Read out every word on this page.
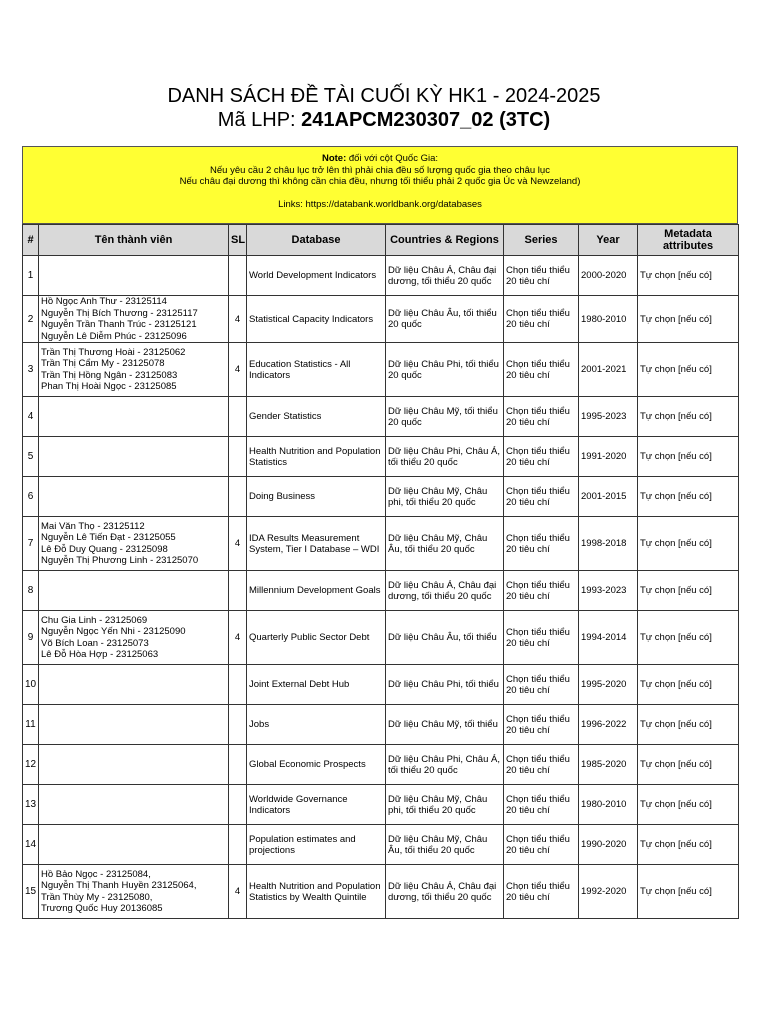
DANH SÁCH ĐỀ TÀI CUỐI KỲ HK1 - 2024-2025
Mã LHP: 241APCM230307_02 (3TC)
Note: đối với cột Quốc Gia:
Nếu yêu cầu 2 châu lục trở lên thì phải chia đều số lượng quốc gia theo châu lục
Nếu châu đại dương thì không cần chia đều, nhưng tối thiểu phải 2 quốc gia Úc và Newzeland)
Links: https://databank.worldbank.org/databases
#	Tên thành viên	SL	Database	Countries & Regions	Series	Year	Metadata attributes
1			World Development Indicators	Dữ liệu Châu Á, Châu đại dương, tối thiểu 20 quốc	Chọn tiểu thiểu 20 tiêu chí	2000-2020	Tự chọn [nếu có]
2	Hồ Ngọc Anh Thư - 23125114
Nguyễn Thị Bích Thương - 23125117
Nguyễn Trần Thanh Trúc - 23125121
Nguyễn Lê Diễm Phúc - 23125096	4	Statistical Capacity Indicators	Dữ liệu Châu Âu, tối thiểu 20 quốc	Chọn tiểu thiểu 20 tiêu chí	1980-2010	Tự chọn [nếu có]
3	Trần Thị Thương Hoài - 23125062
Trần Thị Cẩm My - 23125078
Trần Thị Hồng Ngân - 23125083
Phan Thị Hoài Ngọc - 23125085	4	Education Statistics - All Indicators	Dữ liệu Châu Phi, tối thiểu 20 quốc	Chọn tiểu thiểu 20 tiêu chí	2001-2021	Tự chọn [nếu có]
4			Gender Statistics	Dữ liệu Châu Mỹ, tối thiểu 20 quốc	Chọn tiểu thiểu 20 tiêu chí	1995-2023	Tự chọn [nếu có]
5			Health Nutrition and Population Statistics	Dữ liệu Châu Phi, Châu Á, tối thiểu 20 quốc	Chọn tiểu thiểu 20 tiêu chí	1991-2020	Tự chọn [nếu có]
6			Doing Business	Dữ liệu Châu Mỹ, Châu phi, tối thiểu 20 quốc	Chọn tiểu thiểu 20 tiêu chí	2001-2015	Tự chọn [nếu có]
7	Mai Văn Thọ - 23125112
Nguyễn Lê Tiến Đạt - 23125055
Lê Đỗ Duy Quang - 23125098
Nguyễn Thị Phương Linh - 23125070	4	IDA Results Measurement System, Tier I Database – WDI	Dữ liệu Châu Mỹ, Châu Âu, tối thiểu 20 quốc	Chọn tiểu thiểu 20 tiêu chí	1998-2018	Tự chọn [nếu có]
8			Millennium Development Goals	Dữ liệu Châu Á, Châu đại dương, tối thiểu 20 quốc	Chọn tiểu thiểu 20 tiêu chí	1993-2023	Tự chọn [nếu có]
9	Chu Gia Linh - 23125069
Nguyễn Ngọc Yến Nhi - 23125090
Võ Bích Loan - 23125073
Lê Đỗ Hòa Hợp - 23125063	4	Quarterly Public Sector Debt	Dữ liệu Châu Âu, tối thiểu	Chọn tiểu thiểu 20 tiêu chí	1994-2014	Tự chọn [nếu có]
10			Joint External Debt Hub	Dữ liệu Châu Phi, tối thiểu	Chọn tiểu thiểu 20 tiêu chí	1995-2020	Tự chọn [nếu có]
11			Jobs	Dữ liệu Châu Mỹ, tối thiểu	Chọn tiểu thiểu 20 tiêu chí	1996-2022	Tự chọn [nếu có]
12			Global Economic Prospects	Dữ liệu Châu Phi, Châu Á, tối thiểu 20 quốc	Chọn tiểu thiểu 20 tiêu chí	1985-2020	Tự chọn [nếu có]
13			Worldwide Governance Indicators	Dữ liệu Châu Mỹ, Châu phi, tối thiểu 20 quốc	Chọn tiểu thiểu 20 tiêu chí	1980-2010	Tự chọn [nếu có]
14			Population estimates and projections	Dữ liệu Châu Mỹ, Châu Âu, tối thiểu 20 quốc	Chọn tiểu thiểu 20 tiêu chí	1990-2020	Tự chọn [nếu có]
15	Hồ Bảo Ngọc - 23125084,
Nguyễn Thị Thanh Huyền 23125064,
Trần Thùy My - 23125080,
Trương Quốc Huy 20136085	4	Health Nutrition and Population Statistics by Wealth Quintile	Dữ liệu Châu Á, Châu đại dương, tối thiểu 20 quốc	Chọn tiểu thiểu 20 tiêu chí	1992-2020	Tự chọn [nếu có]
